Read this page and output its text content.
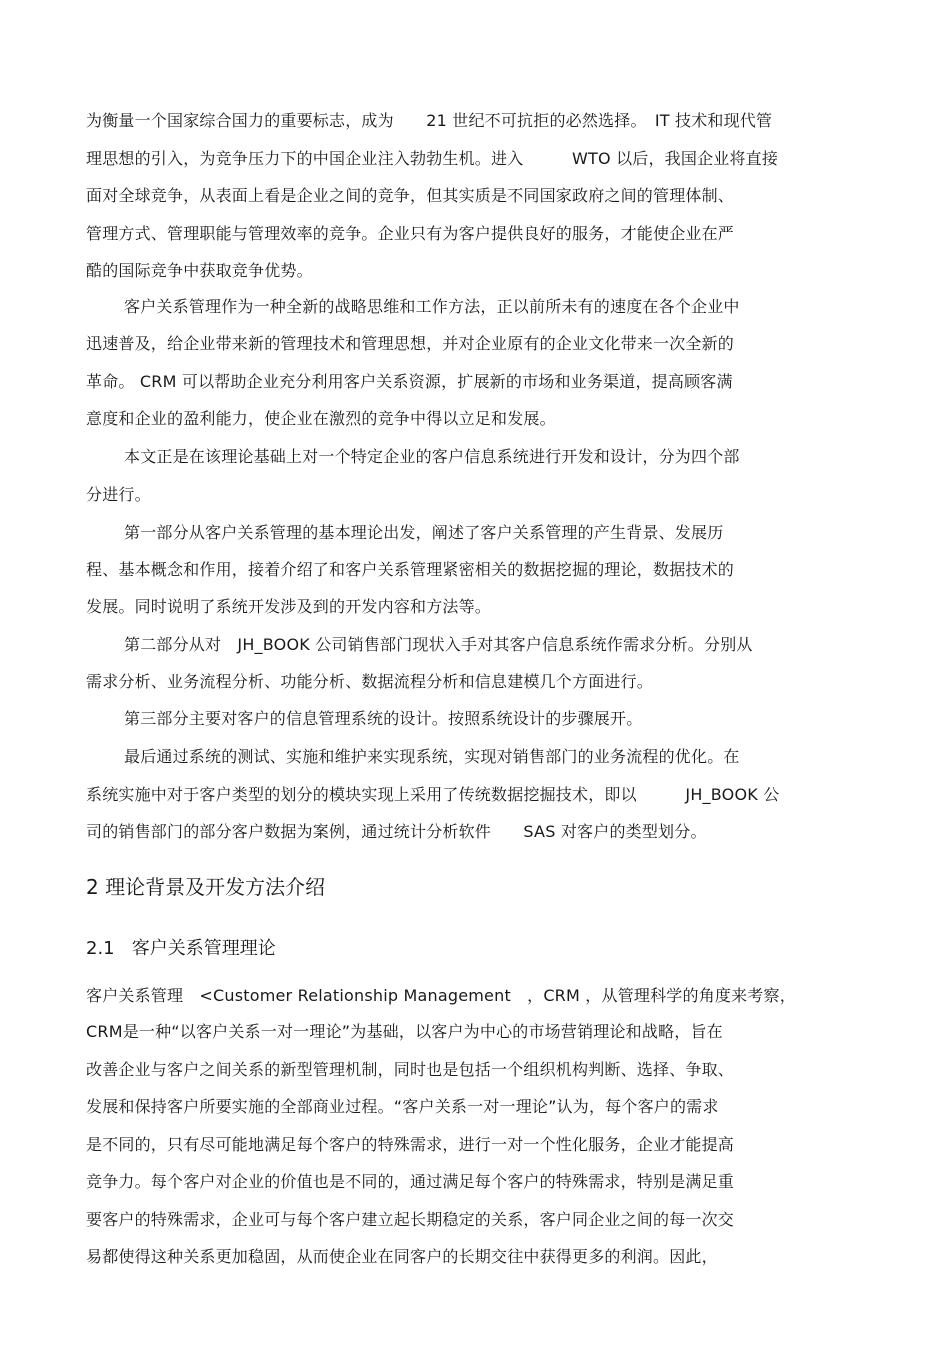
为衡量一个国家综合国力的重要标志，成为　　21 世纪不可抗拒的必然选择。　IT 技术和现代管
理思想的引入，为竞争压力下的中国企业注入勃勃生机。进入　　　WTO 以后，我国企业将直接
面对全球竞争，从表面上看是企业之间的竞争，但其实质是不同国家政府之间的管理体制、
管理方式、管理职能与管理效率的竞争。企业只有为客户提供良好的服务，才能使企业在严
酷的国际竞争中获取竞争优势。
客户关系管理作为一种全新的战略思维和工作方法，正以前所未有的速度在各个企业中
迅速普及，给企业带来新的管理技术和管理思想，并对企业原有的企业文化带来一次全新的
革命。 CRM 可以帮助企业充分利用客户关系资源，扩展新的市场和业务渠道，提高顾客满
意度和企业的盈利能力，使企业在激烈的竞争中得以立足和发展。
本文正是在该理论基础上对一个特定企业的客户信息系统进行开发和设计，分为四个部
分进行。
第一部分从客户关系管理的基本理论出发，阐述了客户关系管理的产生背景、发展历
程、基本概念和作用，接着介绍了和客户关系管理紧密相关的数据挖掘的理论，数据技术的
发展。同时说明了系统开发涉及到的开发内容和方法等。
第二部分从对　JH_BOOK 公司销售部门现状入手对其客户信息系统作需求分析。分别从
需求分析、业务流程分析、功能分析、数据流程分析和信息建模几个方面进行。
第三部分主要对客户的信息管理系统的设计。按照系统设计的步骤展开。
最后通过系统的测试、实施和维护来实现系统，实现对销售部门的业务流程的优化。在
系统实施中对于客户类型的划分的模块实现上采用了传统数据挖掘技术，即以　　　JH_BOOK 公
司的销售部门的部分客户数据为案例，通过统计分析软件　　SAS 对客户的类型划分。
2 理论背景及开发方法介绍
2.1   客户关系管理理论
客户关系管理　<Customer Relationship Management　，CRM ，从管理科学的角度来考察，
CRM是一种“以客户关系一对一理论”为基础，以客户为中心的市场营销理论和战略，旨在
改善企业与客户之间关系的新型管理机制，同时也是包括一个组织机构判断、选择、争取、
发展和保持客户所要实施的全部商业过程。“客户关系一对一理论”认为，每个客户的需求
是不同的，只有尽可能地满足每个客户的特殊需求，进行一对一个性化服务，企业才能提高
竞争力。每个客户对企业的价值也是不同的，通过满足每个客户的特殊需求，特别是满足重
要客户的特殊需求，企业可与每个客户建立起长期稳定的关系，客户同企业之间的每一次交
易都使得这种关系更加稳固，从而使企业在同客户的长期交往中获得更多的利润。因此，
